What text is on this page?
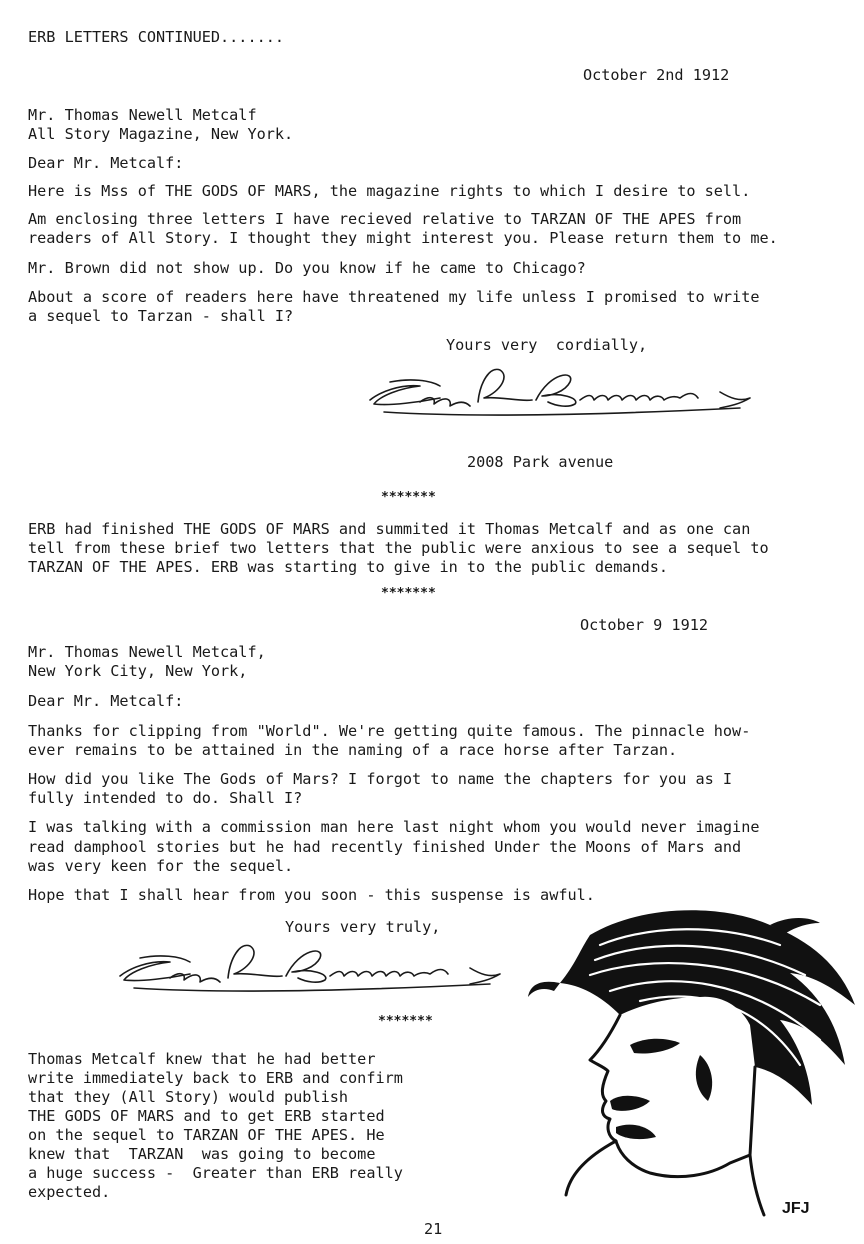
ERB LETTERS CONTINUED.......
October 2nd 1912
Mr. Thomas Newell Metcalf
All Story Magazine, New York.
Dear Mr. Metcalf:
Here is Mss of THE GODS OF MARS, the magazine rights to which I desire to sell.
Am enclosing three letters I have recieved relative to TARZAN OF THE APES from
readers of All Story. I thought they might interest you. Please return them to me.
Mr. Brown did not show up. Do you know if he came to Chicago?
About a score of readers here have threatened my life unless I promised to write
a sequel to Tarzan - shall I?
Yours very  cordially,
2008 Park avenue
*******
ERB had finished THE GODS OF MARS and summited it Thomas Metcalf and as one can
tell from these brief two letters that the public were anxious to see a sequel to
TARZAN OF THE APES. ERB was starting to give in to the public demands.
*******
October 9 1912
Mr. Thomas Newell Metcalf,
New York City, New York,
Dear Mr. Metcalf:
Thanks for clipping from "World". We're getting quite famous. The pinnacle how-
ever remains to be attained in the naming of a race horse after Tarzan.
How did you like The Gods of Mars? I forgot to name the chapters for you as I
fully intended to do. Shall I?
I was talking with a commission man here last night whom you would never imagine
read damphool stories but he had recently finished Under the Moons of Mars and
was very keen for the sequel.
Hope that I shall hear from you soon - this suspense is awful.
Yours very truly,
*******
Thomas Metcalf knew that he had better
write immediately back to ERB and confirm
that they (All Story) would publish
THE GODS OF MARS and to get ERB started
on the sequel to TARZAN OF THE APES. He
knew that  TARZAN  was going to become
a huge success -  Greater than ERB really
expected.
JFJ
21
